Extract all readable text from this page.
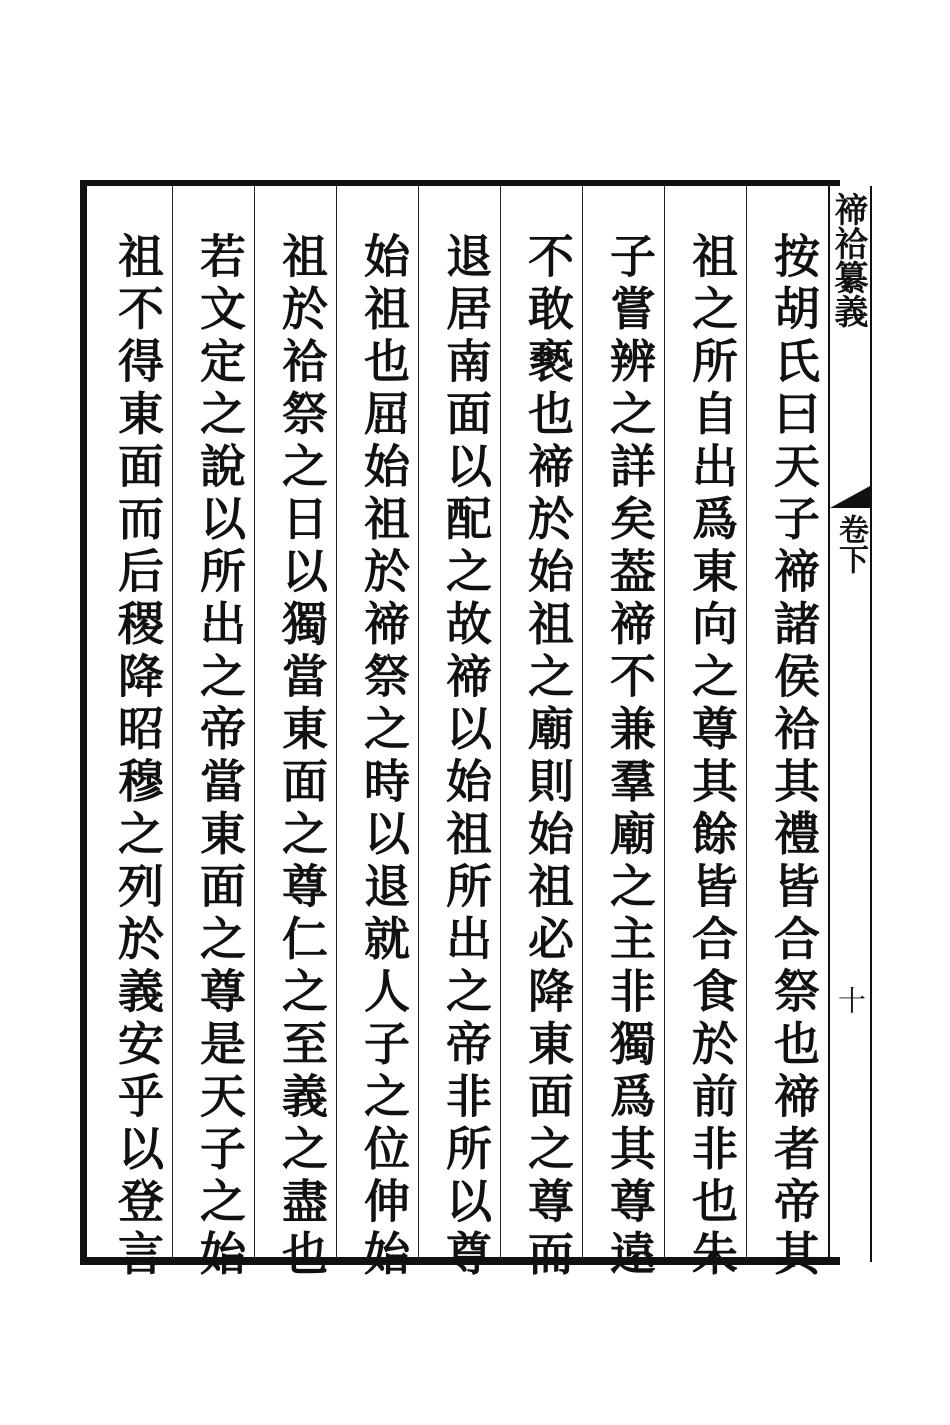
禘祫纂義
卷下
十
按胡氏曰天子禘諸侯祫其禮皆合祭也禘者帝其
祖之所自出爲東向之尊其餘皆合食於前非也朱
子嘗辨之詳矣葢禘不兼羣廟之主非獨爲其尊遠
不敢褻也禘於始祖之廟則始祖必降東面之尊而
退居南面以配之故禘以始祖所出之帝非所以尊
始祖也屈始祖於禘祭之時以退就人子之位伸始
祖於祫祭之日以獨當東面之尊仁之至義之盡也
若文定之說以所出之帝當東面之尊是天子之始
祖不得東面而后稷降昭穆之列於義安乎以登言
